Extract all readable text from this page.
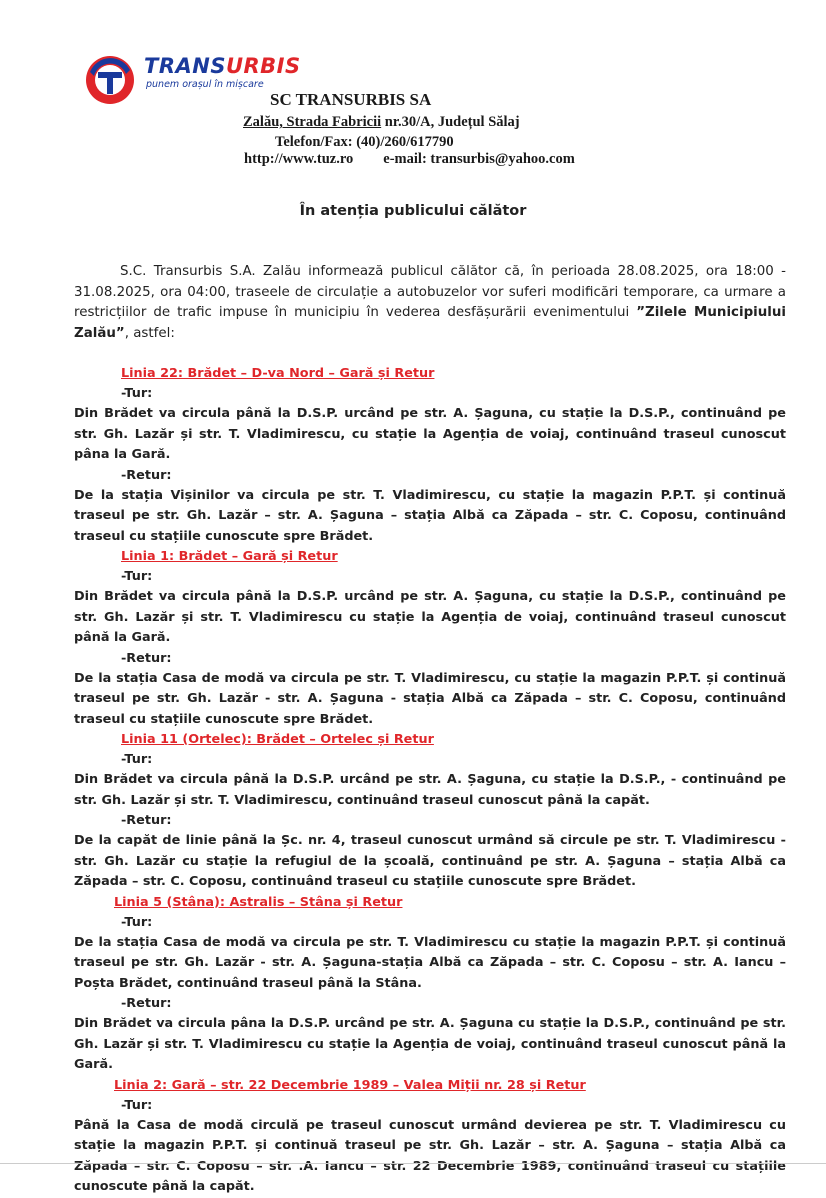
TRANSURBIS
punem orașul în mișcare
SC TRANSURBIS SA
Zalău, Strada Fabricii nr.30/A, Județul Sălaj
Telefon/Fax: (40)/260/617790
http://www.tuz.ro e-mail: transurbis@yahoo.com
În atenția publicului călător
S.C. Transurbis S.A. Zalău informează publicul călător că, în perioada 28.08.2025, ora 18:00 - 31.08.2025, ora 04:00, traseele de circulație a autobuzelor vor suferi modificări temporare, ca urmare a restricțiilor de trafic impuse în municipiu în vederea desfășurării evenimentului ”Zilele Municipiului Zalău”, astfel:
Linia 22: Brădet – D-va Nord – Gară și Retur
-Tur:
Din Brădet va circula până la D.S.P. urcând pe str. A. Șaguna, cu stație la D.S.P., continuând pe str. Gh. Lazăr și str. T. Vladimirescu, cu stație la Agenția de voiaj, continuând traseul cunoscut pâna la Gară.
-Retur:
De la stația Vișinilor va circula pe str. T. Vladimirescu, cu stație la magazin P.P.T. și continuă traseul pe str. Gh. Lazăr – str. A. Șaguna – stația Albă ca Zăpada – str. C. Coposu, continuând traseul cu stațiile cunoscute spre Brădet.
Linia 1: Brădet – Gară și Retur
-Tur:
Din Brădet va circula până la D.S.P. urcând pe str. A. Șaguna, cu stație la D.S.P., continuând pe str. Gh. Lazăr și str. T. Vladimirescu cu stație la Agenția de voiaj, continuând traseul cunoscut până la Gară.
-Retur:
De la stația Casa de modă va circula pe str. T. Vladimirescu, cu stație la magazin P.P.T. și continuă traseul pe str. Gh. Lazăr - str. A. Șaguna - stația Albă ca Zăpada – str. C. Coposu, continuând traseul cu stațiile cunoscute spre Brădet.
Linia 11 (Ortelec): Brădet – Ortelec și Retur
-Tur:
Din Brădet va circula până la D.S.P. urcând pe str. A. Șaguna, cu stație la D.S.P., - continuând pe str. Gh. Lazăr și str. T. Vladimirescu, continuând traseul cunoscut până la capăt.
-Retur:
De la capăt de linie până la Șc. nr. 4, traseul cunoscut urmând să circule pe str. T. Vladimirescu - str. Gh. Lazăr cu stație la refugiul de la școală, continuând pe str. A. Șaguna – stația Albă ca Zăpada – str. C. Coposu, continuând traseul cu stațiile cunoscute spre Brădet.
Linia 5 (Stâna): Astralis – Stâna și Retur
-Tur:
De la stația Casa de modă va circula pe str. T. Vladimirescu cu stație la magazin P.P.T. și continuă traseul pe str. Gh. Lazăr - str. A. Șaguna-stația Albă ca Zăpada – str. C. Coposu – str. A. Iancu – Poșta Brădet, continuând traseul până la Stâna.
-Retur:
Din Brădet va circula pâna la D.S.P. urcând pe str. A. Șaguna cu stație la D.S.P., continuând pe str. Gh. Lazăr și str. T. Vladimirescu cu stație la Agenția de voiaj, continuând traseul cunoscut până la Gară.
Linia 2: Gară – str. 22 Decembrie 1989 – Valea Miții nr. 28 și Retur
-Tur:
Până la Casa de modă circulă pe traseul cunoscut urmând devierea pe str. T. Vladimirescu cu stație la magazin P.P.T. și continuă traseul pe str. Gh. Lazăr – str. A. Șaguna – stația Albă ca Zăpada – str. C. Coposu – str. .A. Iancu – str. 22 Decembrie 1989, continuând traseul cu stațiile cunoscute până la capăt.
